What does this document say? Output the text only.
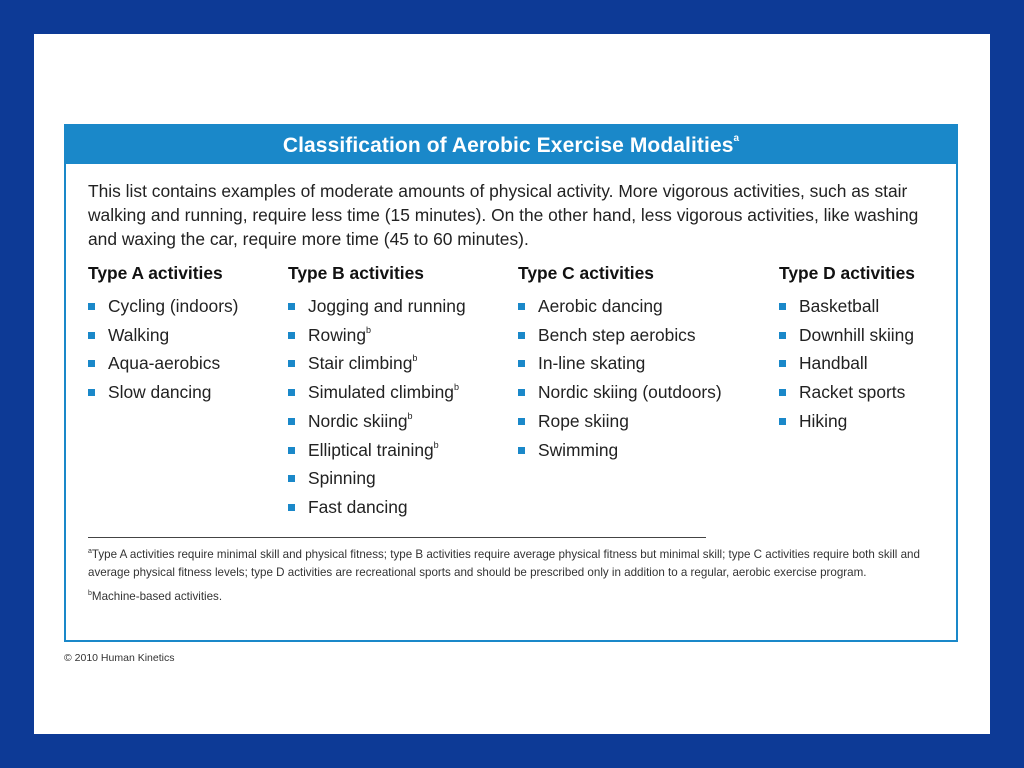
Classification of Aerobic Exercise Modalities$^a$
This list contains examples of moderate amounts of physical activity. More vigorous activities, such as stair walking and running, require less time (15 minutes). On the other hand, less vigorous activities, like washing and waxing the car, require more time (45 to 60 minutes).
Type A activities
Cycling (indoors)
Walking
Aqua-aerobics
Slow dancing
Type B activities
Jogging and running
Rowing$^b$
Stair climbing$^b$
Simulated climbing$^b$
Nordic skiing$^b$
Elliptical training$^b$
Spinning
Fast dancing
Type C activities
Aerobic dancing
Bench step aerobics
In-line skating
Nordic skiing (outdoors)
Rope skiing
Swimming
Type D activities
Basketball
Downhill skiing
Handball
Racket sports
Hiking

$^a$Type A activities require minimal skill and physical fitness; type B activities require average physical fitness but minimal skill; type C activities require both skill and average physical fitness levels; type D activities are recreational sports and should be prescribed only in addition to a regular, aerobic exercise program.

$^b$Machine-based activities.

© 2010 Human Kinetics
